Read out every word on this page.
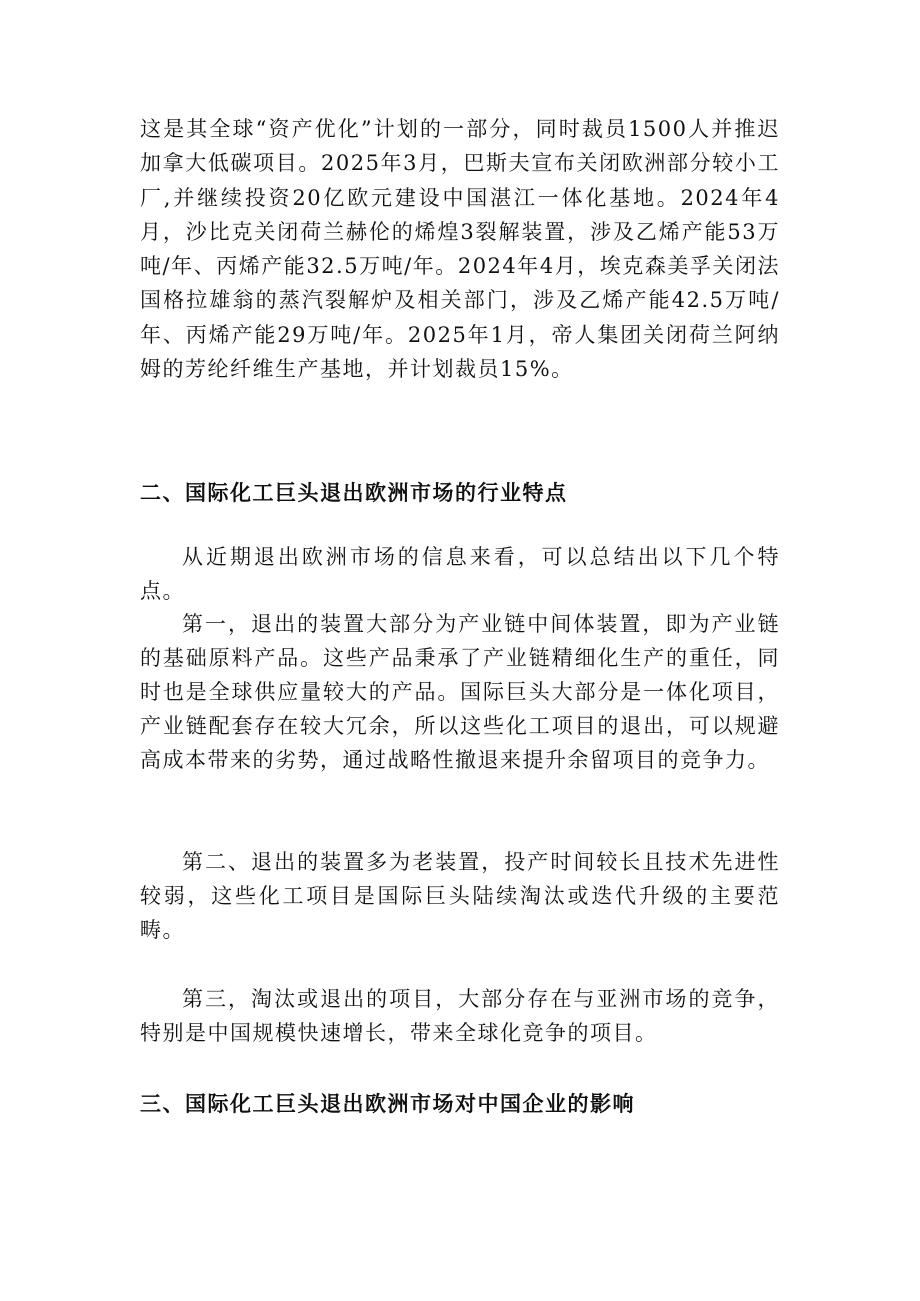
这是其全球“资产优化”计划的一部分，同时裁员1500人并推迟加拿大低碳项目。2025年3月，巴斯夫宣布关闭欧洲部分较小工厂,并继续投资20亿欧元建设中国湛江一体化基地。2024年4月，沙比克关闭荷兰赫伦的烯煌3裂解装置，涉及乙烯产能53万吨/年、丙烯产能32.5万吨/年。2024年4月，埃克森美孚关闭法国格拉雄翁的蒸汽裂解炉及相关部门，涉及乙烯产能42.5万吨/年、丙烯产能29万吨/年。2025年1月，帝人集团关闭荷兰阿纳姆的芳纶纤维生产基地，并计划裁员15%。
二、国际化工巨头退出欧洲市场的行业特点
从近期退出欧洲市场的信息来看，可以总结出以下几个特点。
第一，退出的装置大部分为产业链中间体装置，即为产业链的基础原料产品。这些产品秉承了产业链精细化生产的重任，同时也是全球供应量较大的产品。国际巨头大部分是一体化项目，产业链配套存在较大冗余，所以这些化工项目的退出，可以规避高成本带来的劣势，通过战略性撤退来提升余留项目的竞争力。
第二、退出的装置多为老装置，投产时间较长且技术先进性较弱，这些化工项目是国际巨头陆续淘汰或迭代升级的主要范畴。
第三，淘汰或退出的项目，大部分存在与亚洲市场的竞争，特别是中国规模快速增长，带来全球化竞争的项目。
三、国际化工巨头退出欧洲市场对中国企业的影响
